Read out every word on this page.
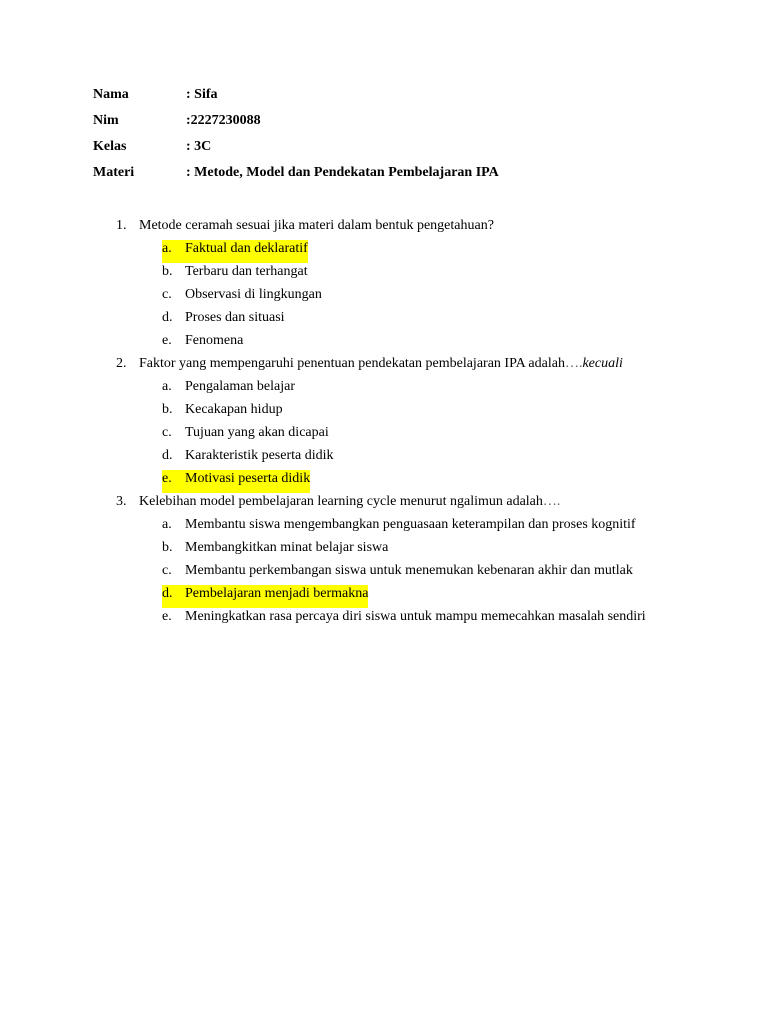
Nama	: Sifa
Nim	:2227230088
Kelas	: 3C
Materi	: Metode, Model dan Pendekatan Pembelajaran IPA
1. Metode ceramah sesuai jika materi dalam bentuk pengetahuan?
a. Faktual dan deklaratif
b. Terbaru dan terhangat
c. Observasi di lingkungan
d. Proses dan situasi
e. Fenomena
2. Faktor yang mempengaruhi penentuan pendekatan pembelajaran IPA adalah….kecuali
a. Pengalaman belajar
b. Kecakapan hidup
c. Tujuan yang akan dicapai
d. Karakteristik peserta didik
e. Motivasi peserta didik
3. Kelebihan model pembelajaran learning cycle menurut ngalimun adalah….
a. Membantu siswa mengembangkan penguasaan keterampilan dan proses kognitif
b. Membangkitkan minat belajar siswa
c. Membantu perkembangan siswa untuk menemukan kebenaran akhir dan mutlak
d. Pembelajaran menjadi bermakna
e. Meningkatkan rasa percaya diri siswa untuk mampu memecahkan masalah sendiri
